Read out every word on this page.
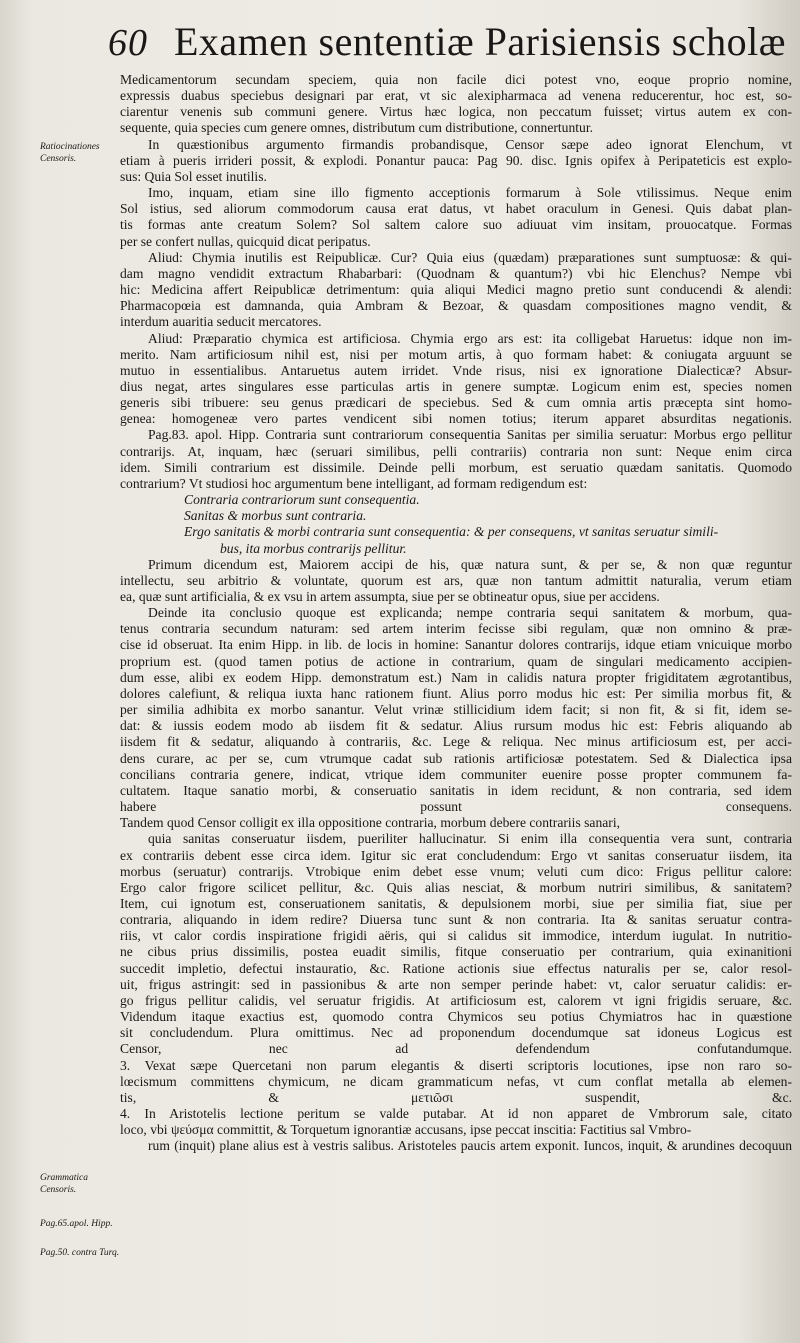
60 Examen sententiæ Parisiensis scholæ
Ratiocinationes Censoris.
Grammatica Censoris.
Pag.65.apol. Hipp.
Pag.50. contra Turq.
Medicamentorum secundam speciem, quia non facile dici potest vno, eoque proprio nomine,
expressis duabus speciebus designari par erat, vt sic alexipharmaca ad venena reducerentur, hoc est, so-
ciarentur venenis sub communi genere. Virtus hæc logica, non peccatum fuisset; virtus autem ex con-
sequente, quia species cum genere omnes, distributum cum distributione, connertuntur.
In quæstionibus argumento firmandis probandisque, Censor sæpe adeo ignorat Elenchum, vt
etiam à pueris irrideri possit, & explodi. Ponantur pauca: Pag 90. disc. Ignis opifex à Peripateticis est explo-
sus: Quia Sol esset inutilis.
Imo, inquam, etiam sine illo figmento acceptionis formarum à Sole vtilissimus. Neque enim
Sol istius, sed aliorum commodorum causa erat datus, vt habet oraculum in Genesi. Quis dabat plan-
tis formas ante creatum Solem? Sol saltem calore suo adiuuat vim insitam, prouocatque. Formas
per se confert nullas, quicquid dicat peripatus.
Aliud: Chymia inutilis est Reipublicæ. Cur? Quia eius (quædam) præparationes sunt sumptuosæ: & qui-
dam magno vendidit extractum Rhabarbari: (Quodnam & quantum?) vbi hic Elenchus? Nempe vbi
hic: Medicina affert Reipublicæ detrimentum: quia aliqui Medici magno pretio sunt conducendi & alendi:
Pharmacopœia est damnanda, quia Ambram & Bezoar, & quasdam compositiones magno vendit, &
interdum auaritia seducit mercatores.
Aliud: Præparatio chymica est artificiosa. Chymia ergo ars est: ita colligebat Haruetus: idque non im-
merito. Nam artificiosum nihil est, nisi per motum artis, à quo formam habet: & coniugata arguunt se
mutuo in essentialibus. Antaruetus autem irridet. Vnde risus, nisi ex ignoratione Dialecticæ? Absur-
dius negat, artes singulares esse particulas artis in genere sumptæ. Logicum enim est, species nomen
generis sibi tribuere: seu genus prædicari de speciebus. Sed & cum omnia artis præcepta sint homo-
genea: homogeneæ vero partes vendicent sibi nomen totius; iterum apparet absurditas negationis.
Pag.83. apol. Hipp. Contraria sunt contrariorum consequentia Sanitas per similia seruatur: Morbus ergo pellitur
contrarijs. At, inquam, hæc (seruari similibus, pelli contrariis) contraria non sunt: Neque enim circa
idem. Simili contrarium est dissimile. Deinde pelli morbum, est seruatio quædam sanitatis. Quomodo
contrarium? Vt studiosi hoc argumentum bene intelligant, ad formam redigendum est:
Contraria contrariorum sunt consequentia.
Sanitas & morbus sunt contraria.
Ergo sanitatis & morbi contraria sunt consequentia: & per consequens, vt sanitas seruatur simili-
bus, ita morbus contrarijs pellitur.
Primum dicendum est, Maiorem accipi de his, quæ natura sunt, & per se, & non quæ reguntur
intellectu, seu arbitrio & voluntate, quorum est ars, quæ non tantum admittit naturalia, verum etiam
ea, quæ sunt artificialia, & ex vsu in artem assumpta, siue per se obtineatur opus, siue per accidens.
Deinde ita conclusio quoque est explicanda; nempe contraria sequi sanitatem & morbum, qua-
tenus contraria secundum naturam: sed artem interim fecisse sibi regulam, quæ non omnino & præ-
cise id obseruat. Ita enim Hipp. in lib. de locis in homine: Sanantur dolores contrarijs, idque etiam vnicuique morbo
proprium est. (quod tamen potius de actione in contrarium, quam de singulari medicamento accipien-
dum esse, alibi ex eodem Hipp. demonstratum est.) Nam in calidis natura propter frigiditatem ægrotantibus,
dolores calefiunt, & reliqua iuxta hanc rationem fiunt. Alius porro modus hic est: Per similia morbus fit, &
per similia adhibita ex morbo sanantur. Velut vrinæ stillicidium idem facit; si non fit, & si fit, idem se-
dat: & iussis eodem modo ab iisdem fit & sedatur. Alius rursum modus hic est: Febris aliquando ab
iisdem fit & sedatur, aliquando à contrariis, &c. Lege & reliqua. Nec minus artificiosum est, per acci-
dens curare, ac per se, cum vtrumque cadat sub rationis artificiosæ potestatem. Sed & Dialectica ipsa
concilians contraria genere, indicat, vtrique idem communiter euenire posse propter communem fa-
cultatem. Itaque sanatio morbi, & conseruatio sanitatis in idem recidunt, & non contraria, sed idem
habere possunt consequens.
Tandem quod Censor colligit ex illa oppositione contraria, morbum debere contrariis sanari,
quia sanitas conseruatur iisdem, pueriliter hallucinatur. Si enim illa consequentia vera sunt, contraria
ex contrariis debent esse circa idem. Igitur sic erat concludendum: Ergo vt sanitas conseruatur iisdem, ita
morbus (seruatur) contrarijs. Vtrobique enim debet esse vnum; veluti cum dico: Frigus pellitur calore:
Ergo calor frigore scilicet pellitur, &c. Quis alias nesciat, & morbum nutriri similibus, & sanitatem?
Item, cui ignotum est, conseruationem sanitatis, & depulsionem morbi, siue per similia fiat, siue per
contraria, aliquando in idem redire? Diuersa tunc sunt & non contraria. Ita & sanitas seruatur contra-
riis, vt calor cordis inspiratione frigidi aëris, qui si calidus sit immodice, interdum iugulat. In nutritio-
ne cibus prius dissimilis, postea euadit similis, fitque conseruatio per contrarium, quia exinanitioni
succedit impletio, defectui instauratio, &c. Ratione actionis siue effectus naturalis per se, calor resol-
uit, frigus astringit: sed in passionibus & arte non semper perinde habet: vt, calor seruatur calidis: er-
go frigus pellitur calidis, vel seruatur frigidis. At artificiosum est, calorem vt igni frigidis seruare, &c.
Videndum itaque exactius est, quomodo contra Chymicos seu potius Chymiatros hac in quæstione
sit concludendum. Plura omittimus. Nec ad proponendum docendumque sat idoneus Logicus est
Censor, nec ad defendendum confutandumque.
3. Vexat sæpe Quercetani non parum elegantis & diserti scriptoris locutiones, ipse non raro so-
lœcismum committens chymicum, ne dicam grammaticum nefas, vt cum conflat metalla ab elemen-
tis, & μετιῶσι suspendit, &c.
4. In Aristotelis lectione peritum se valde putabar. At id non apparet de Vmbrorum sale, citato
loco, vbi ψεύσμα committit, & Torquetum ignorantiæ accusans, ipse peccat inscitia: Factitius sal Vmbro-
rum (inquit) plane alius est à vestris salibus. Aristoteles paucis artem exponit. Iuncos, inquit, & arundines decoquun
